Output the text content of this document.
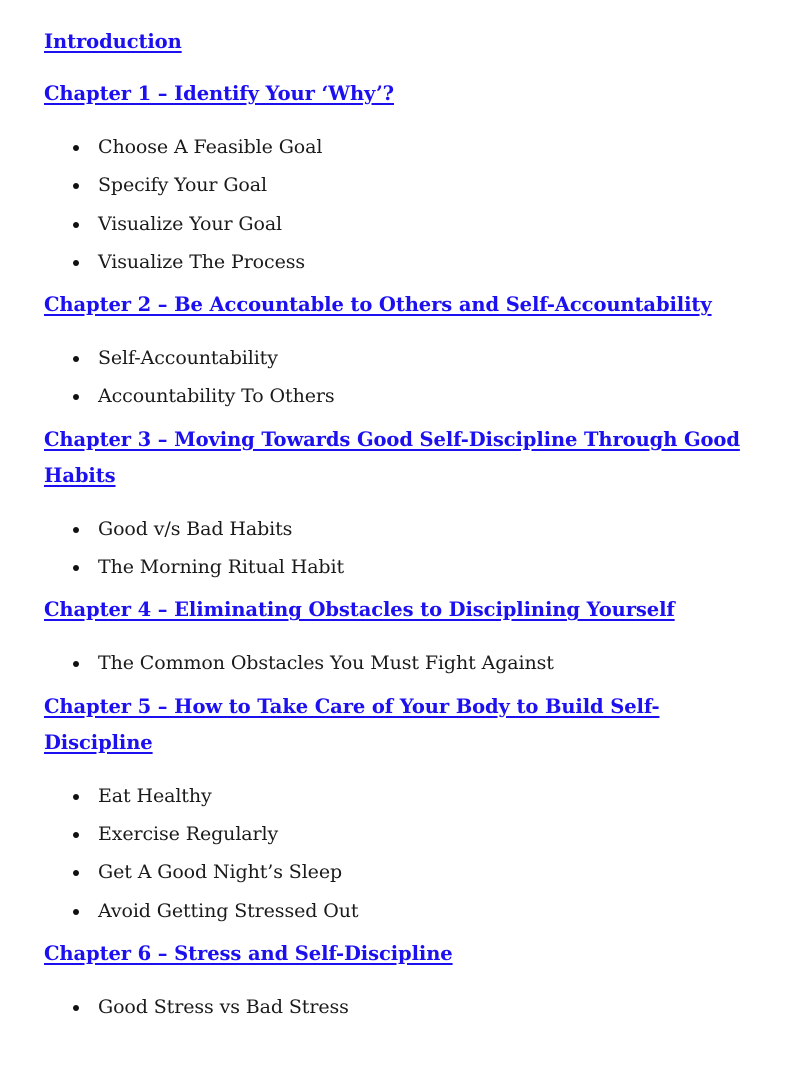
Introduction
Chapter 1 – Identify Your ‘Why’?
Choose A Feasible Goal
Specify Your Goal
Visualize Your Goal
Visualize The Process
Chapter 2 – Be Accountable to Others and Self-Accountability
Self-Accountability
Accountability To Others
Chapter 3 – Moving Towards Good Self-Discipline Through Good Habits
Good v/s Bad Habits
The Morning Ritual Habit
Chapter 4 – Eliminating Obstacles to Disciplining Yourself
The Common Obstacles You Must Fight Against
Chapter 5 – How to Take Care of Your Body to Build Self-Discipline
Eat Healthy
Exercise Regularly
Get A Good Night’s Sleep
Avoid Getting Stressed Out
Chapter 6 – Stress and Self-Discipline
Good Stress vs Bad Stress
